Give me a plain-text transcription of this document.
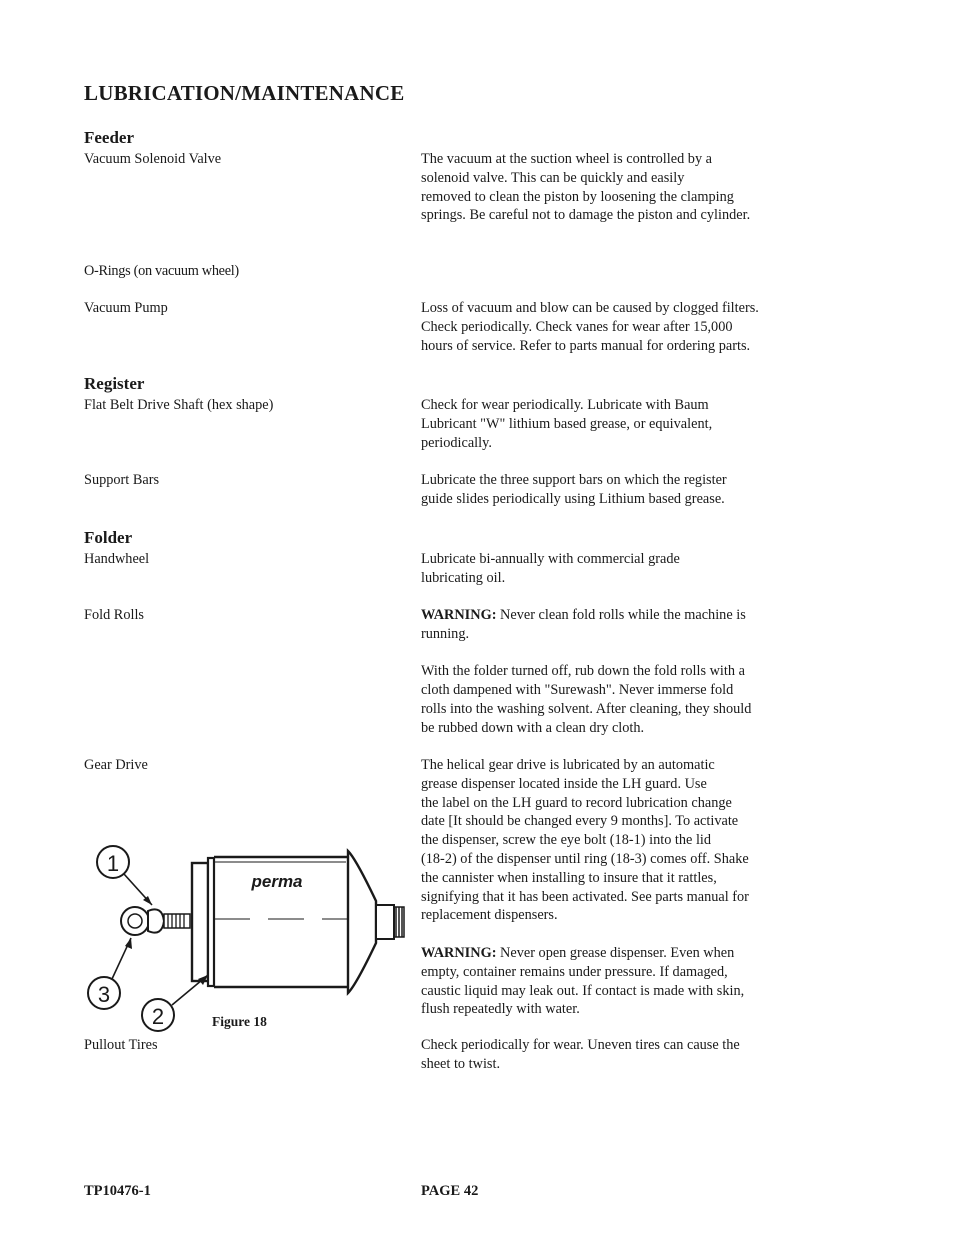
LUBRICATION/MAINTENANCE
Feeder
Vacuum Solenoid Valve	The vacuum at the suction wheel is controlled by a
solenoid valve. This can be quickly and easily
removed to clean the piston by loosening the clamping
springs. Be careful not to damage the piston and cylinder.
O-Rings (on vacuum wheel)
Vacuum Pump	Loss of vacuum and blow can be caused by clogged filters.
Check periodically. Check vanes for wear after 15,000
hours of service. Refer to parts manual for ordering parts.
Register
Flat Belt Drive Shaft (hex shape)	Check for wear periodically. Lubricate with Baum
Lubricant "W" lithium based grease, or equivalent,
periodically.
Support Bars	Lubricate the three support bars on which the register
guide slides periodically using Lithium based grease.
Folder
Handwheel	Lubricate bi-annually with commercial grade
lubricating oil.
Fold Rolls	WARNING: Never clean fold rolls while the machine is
running.

With the folder turned off, rub down the fold rolls with a
cloth dampened with "Surewash". Never immerse fold
rolls into the washing solvent. After cleaning, they should
be rubbed down with a clean dry cloth.
Gear Drive	The helical gear drive is lubricated by an automatic
grease dispenser located inside the LH guard. Use
the label on the LH guard to record lubrication change
date [It should be changed every 9 months]. To activate
the dispenser, screw the eye bolt (18-1) into the lid
(18-2) of the dispenser until ring (18-3) comes off. Shake
the cannister when installing to insure that it rattles,
signifying that it has been activated. See parts manual for
replacement dispensers.

WARNING: Never open grease dispenser. Even when
empty, container remains under pressure. If damaged,
caustic liquid may leak out. If contact is made with skin,
flush repeatedly with water.
1
perma
3
2	Figure 18
Pullout Tires	Check periodically for wear. Uneven tires can cause the
sheet to twist.
TP10476-1	PAGE 42
